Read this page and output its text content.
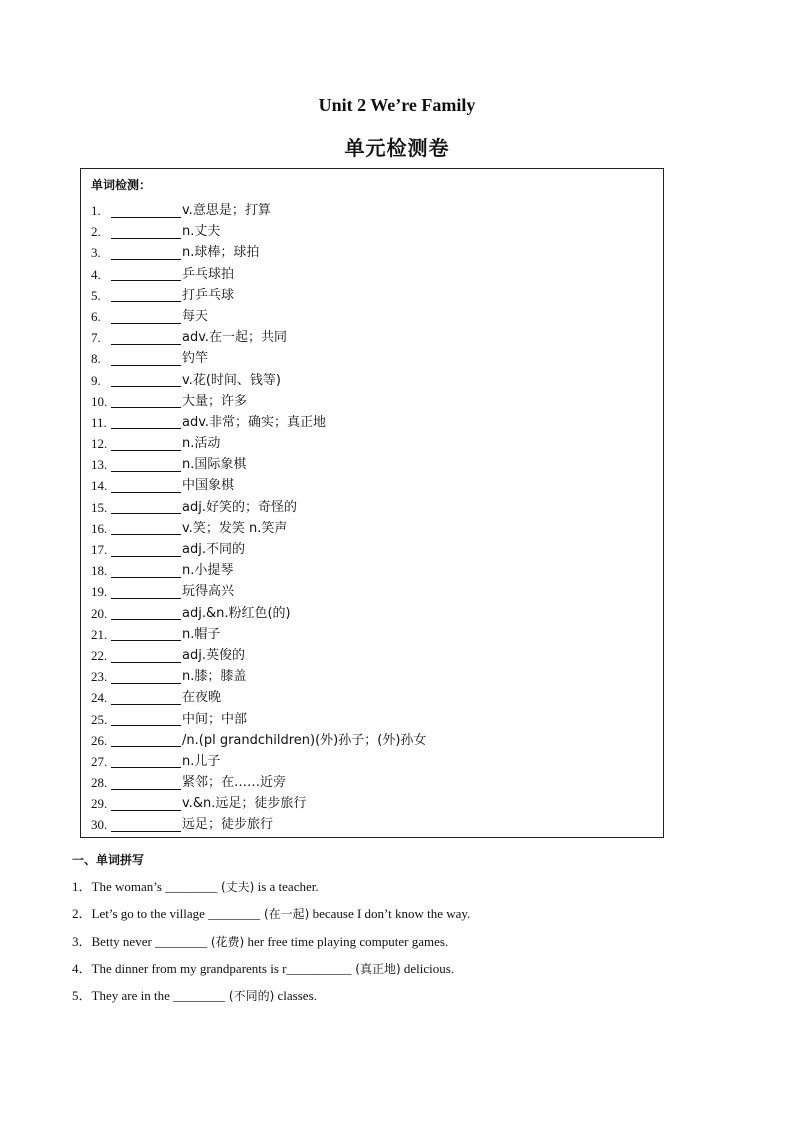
Unit 2 We’re Family
单元检测卷
单词检测：
1.	v.意思是；打算
2.	n.丈夫
3.	n.球棒；球拍
4.	乒乓球拍
5.	打乒乓球
6.	每天
7.	adv.在一起；共同
8.	钓竿
9.	v.花(时间、钱等)
10.	大量；许多
11.	adv.非常；确实；真正地
12.	n.活动
13.	n.国际象棋
14.	中国象棋
15.	adj.好笑的；奇怪的
16.	v.笑；发笑 n.笑声
17.	adj.不同的
18.	n.小提琴
19.	玩得高兴
20.	adj.&n.粉红色(的)
21.	n.帽子
22.	adj.英俊的
23.	n.膝；膝盖
24.	在夜晚
25.	中间；中部
26.	/n.(pl grandchildren)(外)孙子；(外)孙女
27.	n.儿子
28.	紧邻；在……近旁
29.	v.&n.远足；徒步旅行
30.	远足；徒步旅行
一、单词拼写
1．The woman’s ________ (丈夫) is a teacher.
2．Let’s go to the village ________ (在一起) because I don’t know the way.
3．Betty never ________ (花费) her free time playing computer games.
4．The dinner from my grandparents is r__________ (真正地) delicious.
5．They are in the ________ (不同的) classes.
